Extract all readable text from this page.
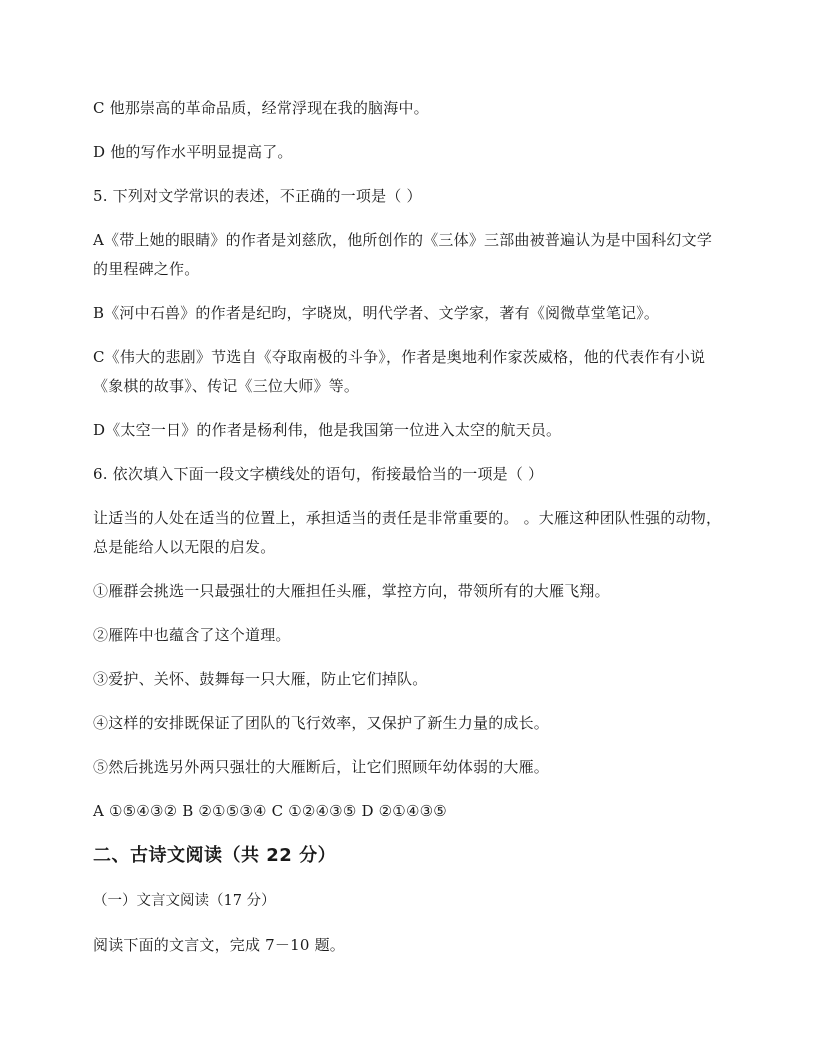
C 他那崇高的革命品质，经常浮现在我的脑海中。

D 他的写作水平明显提高了。

5. 下列对文学常识的表述，不正确的一项是（ ）

A《带上她的眼睛》的作者是刘慈欣，他所创作的《三体》三部曲被普遍认为是中国科幻文学的里程碑之作。

B《河中石兽》的作者是纪昀，字晓岚，明代学者、文学家，著有《阅微草堂笔记》。

C《伟大的悲剧》节选自《夺取南极的斗争》，作者是奥地利作家茨威格，他的代表作有小说《象棋的故事》、传记《三位大师》等。

D《太空一日》的作者是杨利伟，他是我国第一位进入太空的航天员。

6. 依次填入下面一段文字横线处的语句，衔接最恰当的一项是（ ）

让适当的人处在适当的位置上，承担适当的责任是非常重要的。 。大雁这种团队性强的动物，总是能给人以无限的启发。

①雁群会挑选一只最强壮的大雁担任头雁，掌控方向，带领所有的大雁飞翔。

②雁阵中也蕴含了这个道理。

③爱护、关怀、鼓舞每一只大雁，防止它们掉队。

④这样的安排既保证了团队的飞行效率，又保护了新生力量的成长。

⑤然后挑选另外两只强壮的大雁断后，让它们照顾年幼体弱的大雁。

A ①⑤④③② B ②①⑤③④ C ①②④③⑤ D ②①④③⑤

二、古诗文阅读（共 22 分）
（一）文言文阅读（17 分）

阅读下面的文言文，完成 7－10 题。
